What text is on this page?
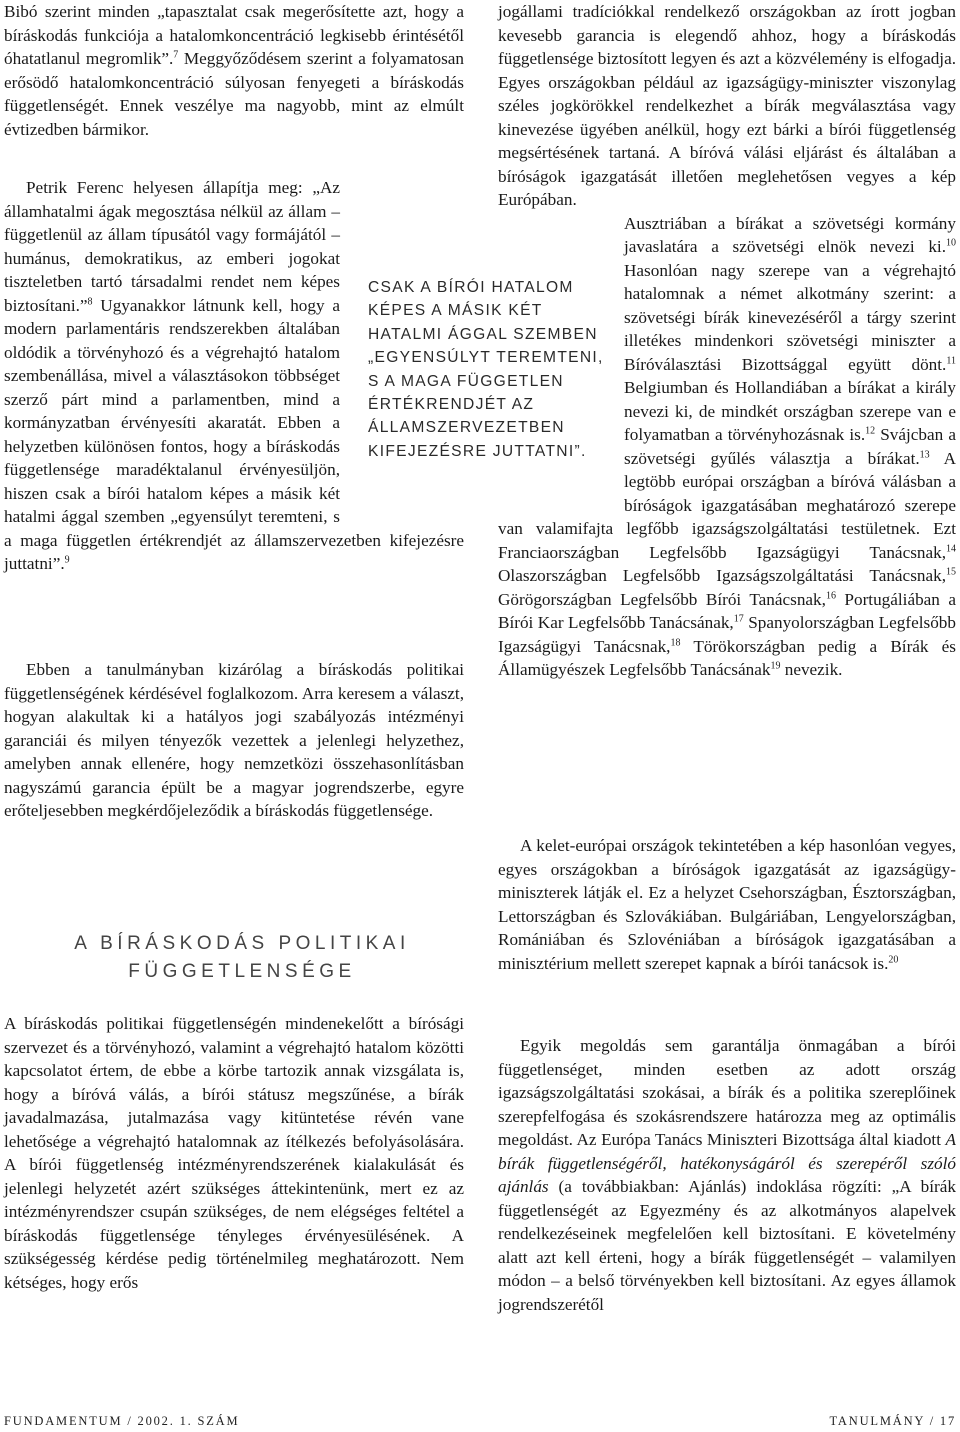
Bibó szerint minden „tapasztalat csak megerősítette azt, hogy a bíráskodás funkciója a hatalomkoncentráció legkisebb érintésétől óhatatlanul megromlik”.$^7$ Meggyőződésem szerint a folyamatosan erősödő hatalomkoncentráció súlyosan fenyegeti a bíráskodás függetlenségét. Ennek veszélye ma nagyobb, mint az elmúlt évtizedben bármikor.

Petrik Ferenc helyesen állapítja meg: „Az államhatalmi ágak megosztása nélkül az állam – függetlenül az állam típusától vagy formájától – humánus, demokratikus, az emberi jogokat tiszteletben tartó társadalmi rendet nem képes biztosítani.”$^8$ Ugyanakkor látnunk kell, hogy a modern parlamentáris rendszerekben általában oldódik a törvényhozó és a végrehajtó hatalom szembenállása, mivel a választásokon többséget szerző párt mind a parlamentben, mind a kormányzatban érvényesíti akaratát. Ebben a helyzetben különösen fontos, hogy a bíráskodás függetlensége maradéktalanul érvényesüljön, hiszen csak a bírói hatalom képes a másik két hatalmi ággal szemben „egyensúlyt teremteni, s a maga független értékrendjét az államszervezetben kifejezésre juttatni”.$^9$

Ebben a tanulmányban kizárólag a bíráskodás politikai függetlenségének kérdésével foglalkozom. Arra keresem a választ, hogyan alakultak ki a hatályos jogi szabályozás intézményi garanciái és milyen tényezők vezettek a jelenlegi helyzethez, amelyben annak ellenére, hogy nemzetközi összehasonlításban nagyszámú garancia épült be a magyar jogrendszerbe, egyre erőteljesebben megkérdőjeleződik a bíráskodás függetlensége.

A BÍRÁSKODÁS POLITIKAI FÜGGETLENSÉGE

A bíráskodás politikai függetlenségén mindenekelőtt a bírósági szervezet és a törvényhozó, valamint a végrehajtó hatalom közötti kapcsolatot értem, de ebbe a körbe tartozik annak vizsgálata is, hogy a bíróvá válás, a bírói státusz megszűnése, a bírák javadalmazása, jutalmazása vagy kitüntetése révén vane lehetősége a végrehajtó hatalomnak az ítélkezés befolyásolására. A bírói függetlenség intézményrendszerének kialakulását és jelenlegi helyzetét azért szükséges áttekintenünk, mert ez az intézményrendszer csupán szükséges, de nem elégséges feltétel a bíráskodás függetlensége tényleges érvényesülésének. A szükségesség kérdése pedig történelmileg meghatározott. Nem kétséges, hogy erős

CSAK A BÍRÓI HATALOM KÉPES A MÁSIK KÉT HATALMI ÁGGAL SZEMBEN „EGYENSÚLYT TEREMTENI, S A MAGA FÜGGETLEN ÉRTÉKRENDJÉT AZ ÁLLAMSZERVEZETBEN KIFEJEZÉSRE JUTTATNI”.

jogállami tradíciókkal rendelkező országokban az írott jogban kevesebb garancia is elegendő ahhoz, hogy a bíráskodás függetlensége biztosított legyen és azt a közvélemény is elfogadja. Egyes országokban például az igazságügy-miniszter viszonylag széles jogkörökkel rendelkezhet a bírák megválasztása vagy kinevezése ügyében anélkül, hogy ezt bárki a bírói függetlenség megsértésének tartaná. A bíróvá válási eljárást és általában a bíróságok igazgatását illetően meglehetősen vegyes a kép Európában.

Ausztriában a bírákat a szövetségi kormány javaslatára a szövetségi elnök nevezi ki.$^{10}$ Hasonlóan nagy szerepe van a végrehajtó hatalomnak a német alkotmány szerint: a szövetségi bírák kinevezéséről a tárgy szerint illetékes mindenkori szövetségi miniszter a Bíróválasztási Bizottsággal együtt dönt.$^{11}$ Belgiumban és Hollandiában a bírákat a király nevezi ki, de mindkét országban szerepe van e folyamatban a törvényhozásnak is.$^{12}$ Svájcban a szövetségi gyűlés választja a bírákat.$^{13}$ A legtöbb európai országban a bíróvá válásban a bíróságok igazgatásában meghatározó szerepe van valamifajta legfőbb igazságszolgáltatási testületnek. Ezt Franciaországban Legfelsőbb Igazságügyi Tanácsnak,$^{14}$ Olaszországban Legfelsőbb Igazságszolgáltatási Tanácsnak,$^{15}$ Görögországban Legfelsőbb Bírói Tanácsnak,$^{16}$ Portugáliában a Bírói Kar Legfelsőbb Tanácsának,$^{17}$ Spanyolországban Legfelsőbb Igazságügyi Tanácsnak,$^{18}$ Törökországban pedig a Bírák és Államügyészek Legfelsőbb Tanácsának$^{19}$ nevezik.

A kelet-európai országok tekintetében a kép hasonlóan vegyes, egyes országokban a bíróságok igazgatását az igazságügy-miniszterek látják el. Ez a helyzet Csehországban, Észtországban, Lettországban és Szlovákiában. Bulgáriában, Lengyelországban, Romániában és Szlovéniában a bíróságok igazgatásában a minisztérium mellett szerepet kapnak a bírói tanácsok is.$^{20}$

Egyik megoldás sem garantálja önmagában a bírói függetlenséget, minden esetben az adott ország igazságszolgáltatási szokásai, a bírák és a politika szereplőinek szerepfelfogása és szokásrendszere határozza meg az optimális megoldást. Az Európa Tanács Miniszteri Bizottsága által kiadott A bírák függetlenségéről, hatékonyságáról és szerepéről szóló ajánlás (a továbbiakban: Ajánlás) indoklása rögzíti: „A bírák függetlenségét az Egyezmény és az alkotmányos alapelvek rendelkezéseinek megfelelően kell biztosítani. E követelmény alatt azt kell érteni, hogy a bírák függetlenségét – valamilyen módon – a belső törvényekben kell biztosítani. Az egyes államok jogrendszerétől

FUNDAMENTUM / 2002. 1. SZÁM	TANULMÁNY / 17
